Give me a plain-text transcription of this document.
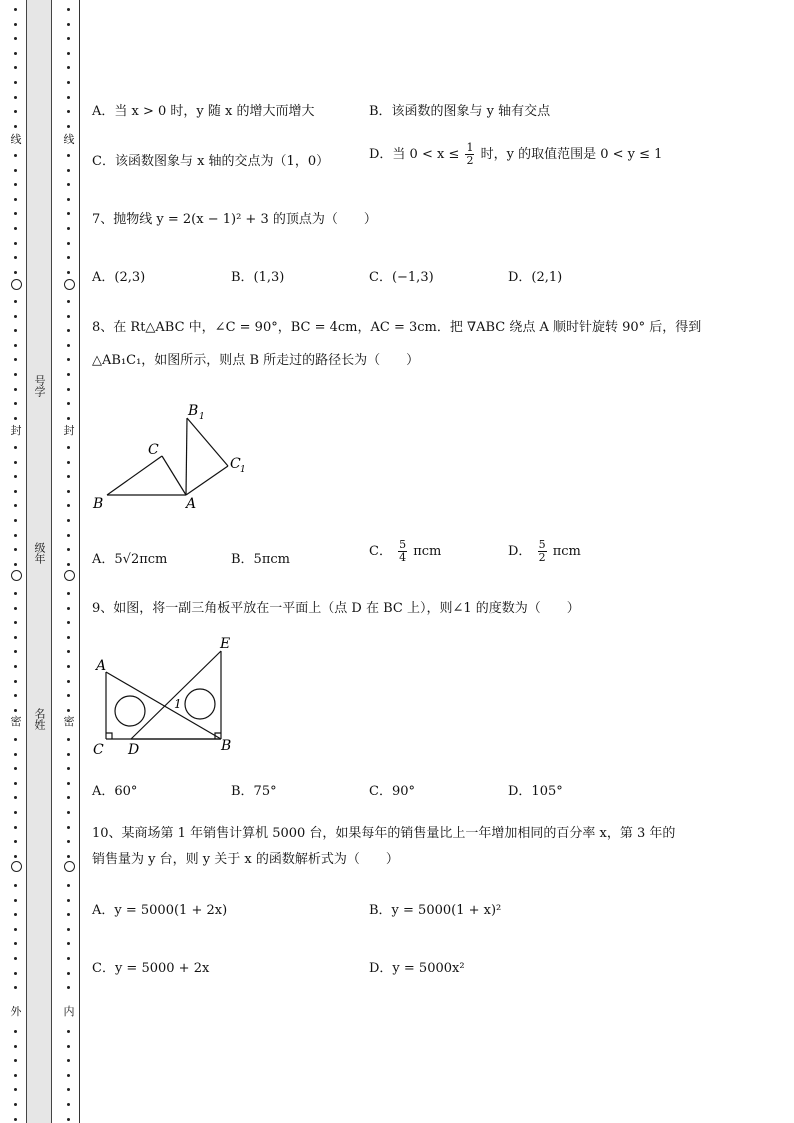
线
封
密
外
线
封
密
内
号学
级年
名姓
A．当 x > 0 时，y 随 x 的增大而增大	B．该函数的图象与 y 轴有交点
C．该函数图象与 x 轴的交点为（1，0）	D．当 $0 < x \le \frac{1}{2}$ 时，y 的取值范围是 0 < y ≤ 1
7、抛物线 y = 2(x − 1)² + 3 的顶点为（　　）
A．(2,3)	B．(1,3)	C．(−1,3)	D．(2,1)
8、在 Rt△ABC 中，∠C = 90°，BC = 4cm，AC = 3cm．把 ∇ABC 绕点 A 顺时针旋转 90° 后，得到
△AB₁C₁，如图所示，则点 B 所走过的路径长为（　　）
B 1
C
C 1
B	A
A．5√2πcm	B．5πcm
C． $\frac{5}{4}$ πcm	D． $\frac{5}{2}$ πcm
9、如图，将一副三角板平放在一平面上（点 D 在 BC 上），则∠1 的度数为（　　）
A
E
1
C D	B
A．60°	B．75°	C．90°	D．105°
10、某商场第 1 年销售计算机 5000 台，如果每年的销售量比上一年增加相同的百分率 x，第 3 年的
销售量为 y 台，则 y 关于 x 的函数解析式为（　　）
A．y = 5000(1 + 2x)	B．y = 5000(1 + x)²
C．y = 5000 + 2x	D．y = 5000x²
